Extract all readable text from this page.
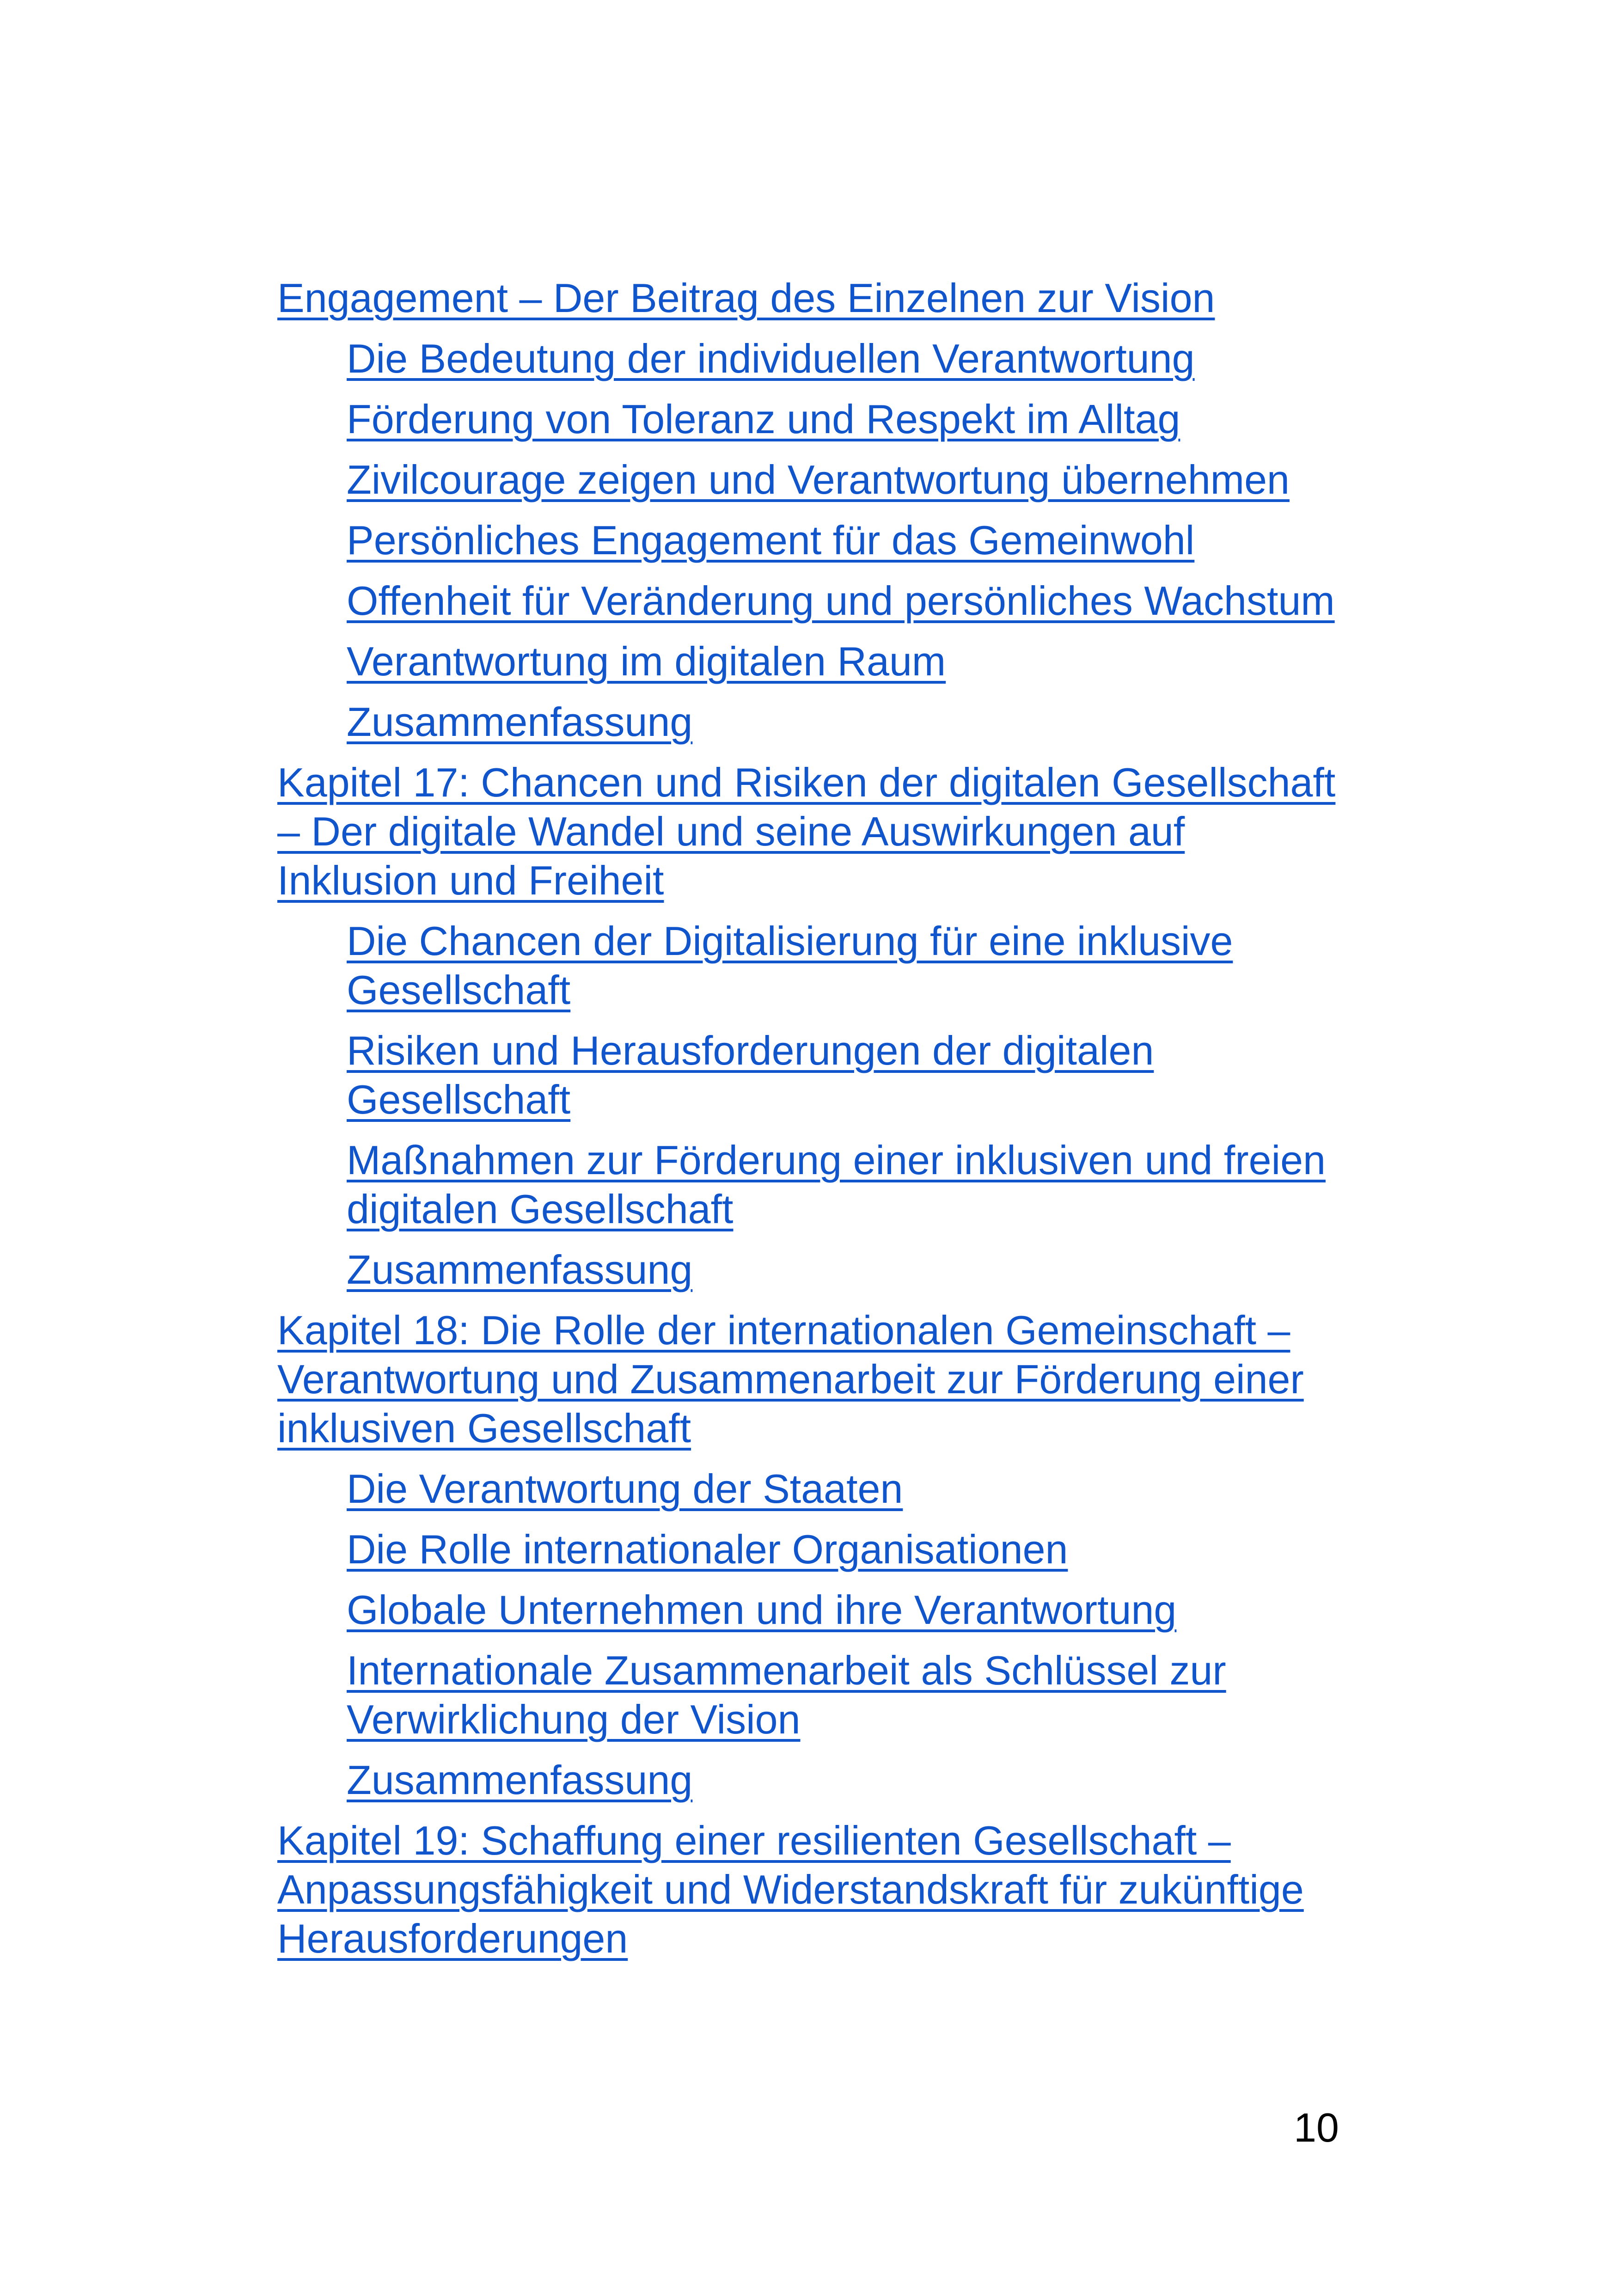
Engagement – Der Beitrag des Einzelnen zur Vision
Die Bedeutung der individuellen Verantwortung
Förderung von Toleranz und Respekt im Alltag
Zivilcourage zeigen und Verantwortung übernehmen
Persönliches Engagement für das Gemeinwohl
Offenheit für Veränderung und persönliches Wachstum
Verantwortung im digitalen Raum
Zusammenfassung
Kapitel 17: Chancen und Risiken der digitalen Gesellschaft – Der digitale Wandel und seine Auswirkungen auf Inklusion und Freiheit
Die Chancen der Digitalisierung für eine inklusive Gesellschaft
Risiken und Herausforderungen der digitalen Gesellschaft
Maßnahmen zur Förderung einer inklusiven und freien digitalen Gesellschaft
Zusammenfassung
Kapitel 18: Die Rolle der internationalen Gemeinschaft – Verantwortung und Zusammenarbeit zur Förderung einer inklusiven Gesellschaft
Die Verantwortung der Staaten
Die Rolle internationaler Organisationen
Globale Unternehmen und ihre Verantwortung
Internationale Zusammenarbeit als Schlüssel zur Verwirklichung der Vision
Zusammenfassung
Kapitel 19: Schaffung einer resilienten Gesellschaft – Anpassungsfähigkeit und Widerstandskraft für zukünftige Herausforderungen
10
